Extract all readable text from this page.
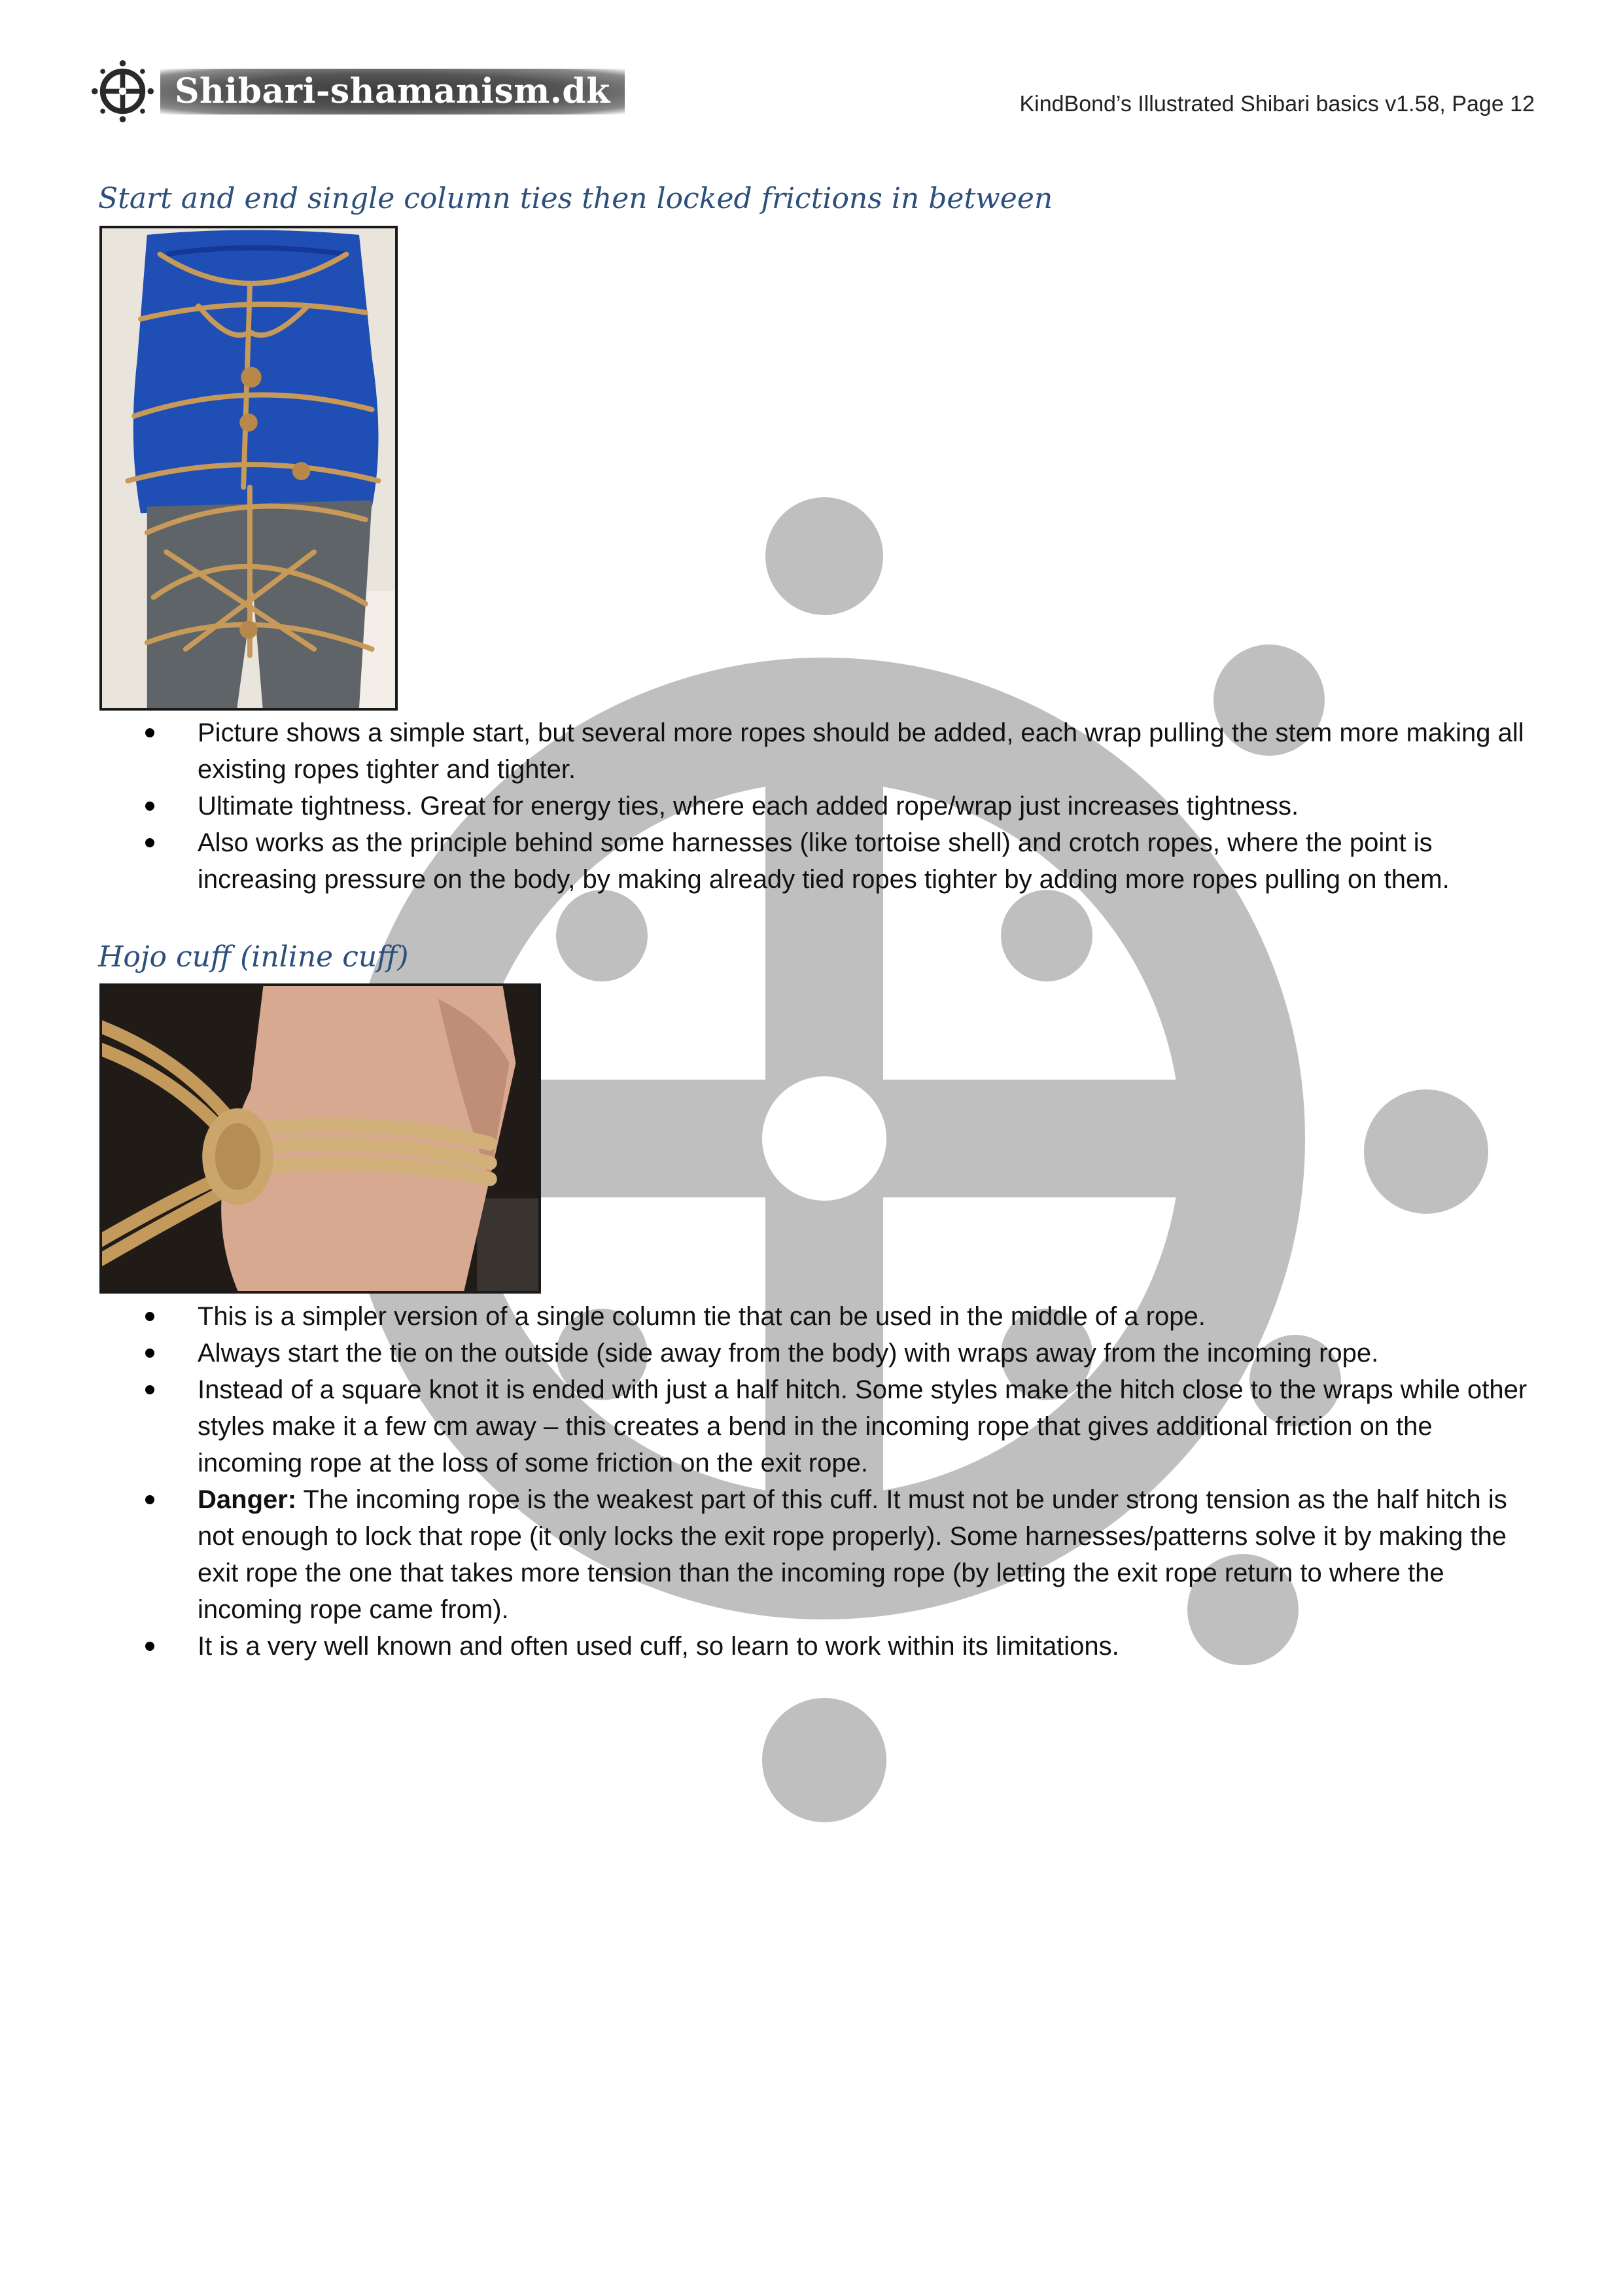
Shibari-shamanism.dk	KindBond’s Illustrated Shibari basics v1.58, Page 12
Start and end single column ties then locked frictions in between
Picture shows a simple start, but several more ropes should be added, each wrap pulling the stem more making all existing ropes tighter and tighter.
Ultimate tightness. Great for energy ties, where each added rope/wrap just increases tightness.
Also works as the principle behind some harnesses (like tortoise shell) and crotch ropes, where the point is increasing pressure on the body, by making already tied ropes tighter by adding more ropes pulling on them.
Hojo cuff (inline cuff)
This is a simpler version of a single column tie that can be used in the middle of a rope.
Always start the tie on the outside (side away from the body) with wraps away from the incoming rope.
Instead of a square knot it is ended with just a half hitch. Some styles make the hitch close to the wraps while other styles make it a few cm away – this creates a bend in the incoming rope that gives additional friction on the incoming rope at the loss of some friction on the exit rope.
Danger: The incoming rope is the weakest part of this cuff. It must not be under strong tension as the half hitch is not enough to lock that rope (it only locks the exit rope properly). Some harnesses/patterns solve it by making the exit rope the one that takes more tension than the incoming rope (by letting the exit rope return to where the incoming rope came from).
It is a very well known and often used cuff, so learn to work within its limitations.
